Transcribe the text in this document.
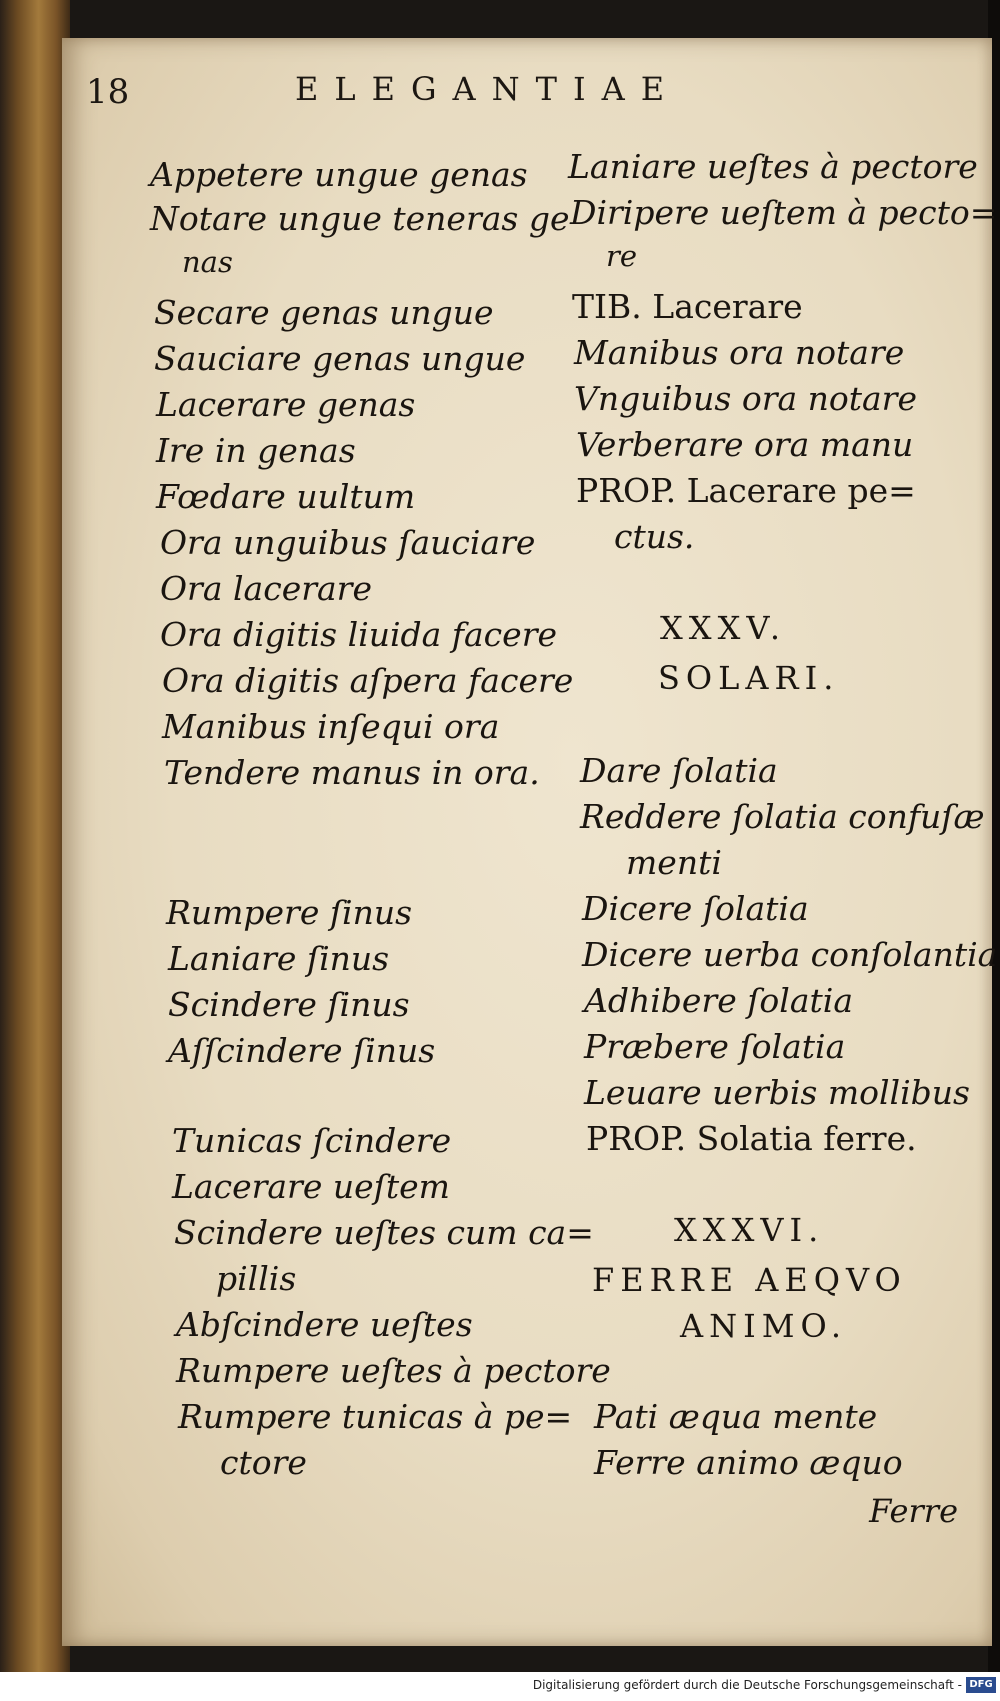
18	ELEGANTIAE
Appetere ungue genas
Notare ungue teneras ge
nas
Secare genas ungue
Sauciare genas ungue
Lacerare genas
Ire in genas
Fœdare uultum
Ora unguibus ſauciare
Ora lacerare
Ora digitis liuida facere
Ora digitis aſpera facere
Manibus inſequi ora
Tendere manus in ora.
Rumpere ſinus
Laniare ſinus
Scindere ſinus
Aſſcindere ſinus
Tunicas ſcindere
Lacerare ueſtem
Scindere ueſtes cum ca=
pillis
Abſcindere ueſtes
Rumpere ueſtes à pectore
Rumpere tunicas à pe=
ctore
Laniare ueſtes à pectore
Diripere ueſtem à pecto=
re
TIB. Lacerare
Manibus ora notare
Vnguibus ora notare
Verberare ora manu
PROP. Lacerare pe=
ctus.
XXXV.
SOLARI.
Dare ſolatia
Reddere ſolatia confuſæ
menti
Dicere ſolatia
Dicere uerba conſolantia
Adhibere ſolatia
Præbere ſolatia
Leuare uerbis mollibus
PROP. Solatia ferre.
XXXVI.
FERRE AEQVO
ANIMO.
Pati æqua mente
Ferre animo æquo
Ferre
Digitalisierung gefördert durch die Deutsche Forschungsgemeinschaft - DFG
